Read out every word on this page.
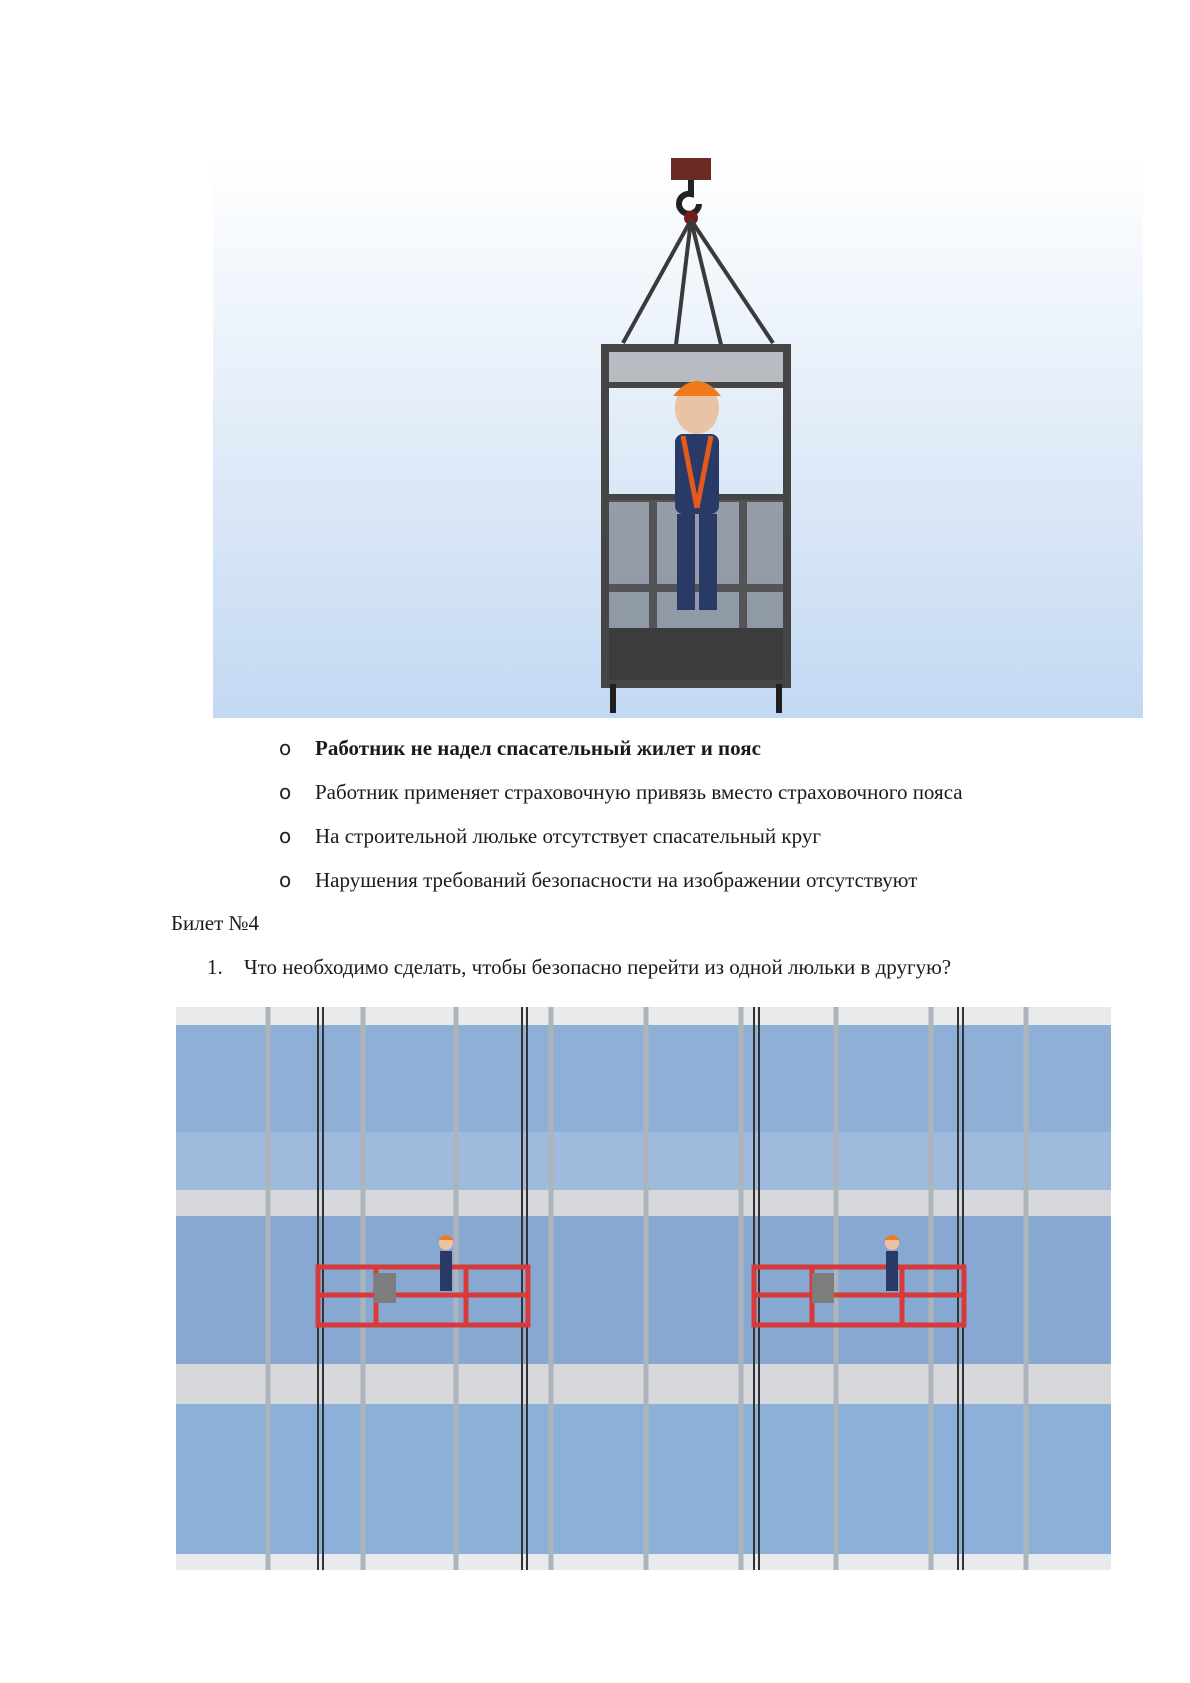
o	Работник не надел спасательный жилет и пояс
o	Работник применяет страховочную привязь вместо страховочного пояса
o	На строительной люльке отсутствует спасательный круг
o	Нарушения требований безопасности на изображении отсутствуют
Билет №4
1.	Что необходимо сделать, чтобы безопасно перейти из одной люльки в другую?
